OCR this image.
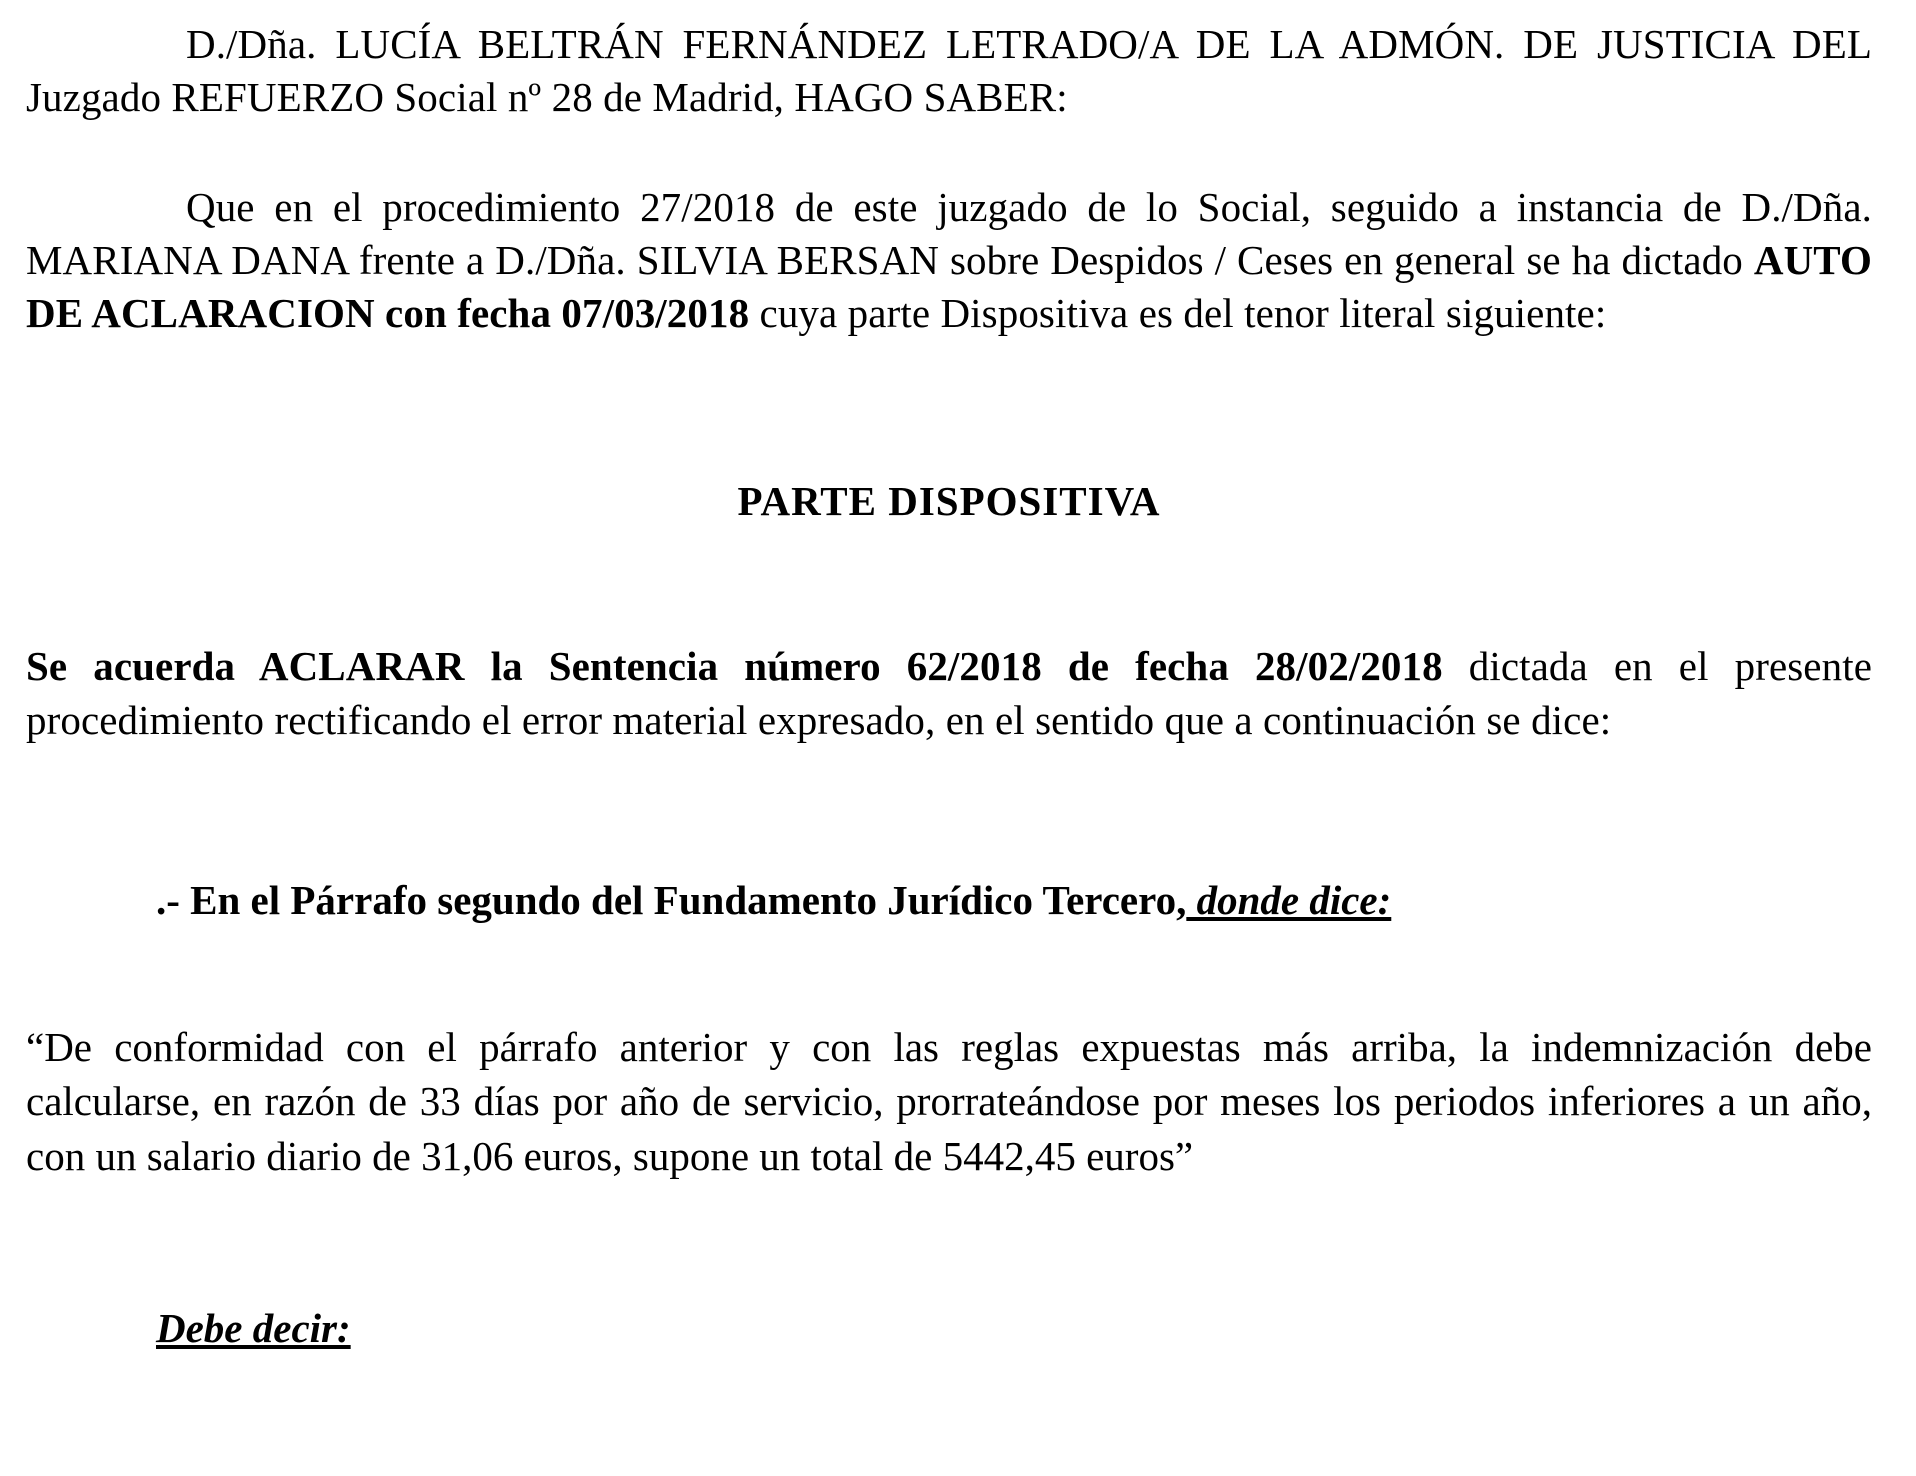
D./Dña. LUCÍA BELTRÁN FERNÁNDEZ LETRADO/A DE LA ADMÓN. DE JUSTICIA DEL Juzgado REFUERZO Social nº 28 de Madrid, HAGO SABER:

Que en el procedimiento 27/2018 de este juzgado de lo Social, seguido a instancia de D./Dña. MARIANA DANA frente a D./Dña. SILVIA BERSAN sobre Despidos / Ceses en general se ha dictado AUTO DE ACLARACION con fecha 07/03/2018 cuya parte Dispositiva es del tenor literal siguiente:

PARTE DISPOSITIVA

Se acuerda ACLARAR la Sentencia número 62/2018 de fecha 28/02/2018 dictada en el presente procedimiento rectificando el error material expresado, en el sentido que a continuación se dice:

.- En el Párrafo segundo del Fundamento Jurídico Tercero, donde dice:

“De conformidad con el párrafo anterior y con las reglas expuestas más arriba, la indemnización debe calcularse, en razón de 33 días por año de servicio, prorrateándose por meses los periodos inferiores a un año, con un salario diario de 31,06 euros, supone un total de 5442,45 euros”

Debe decir:
